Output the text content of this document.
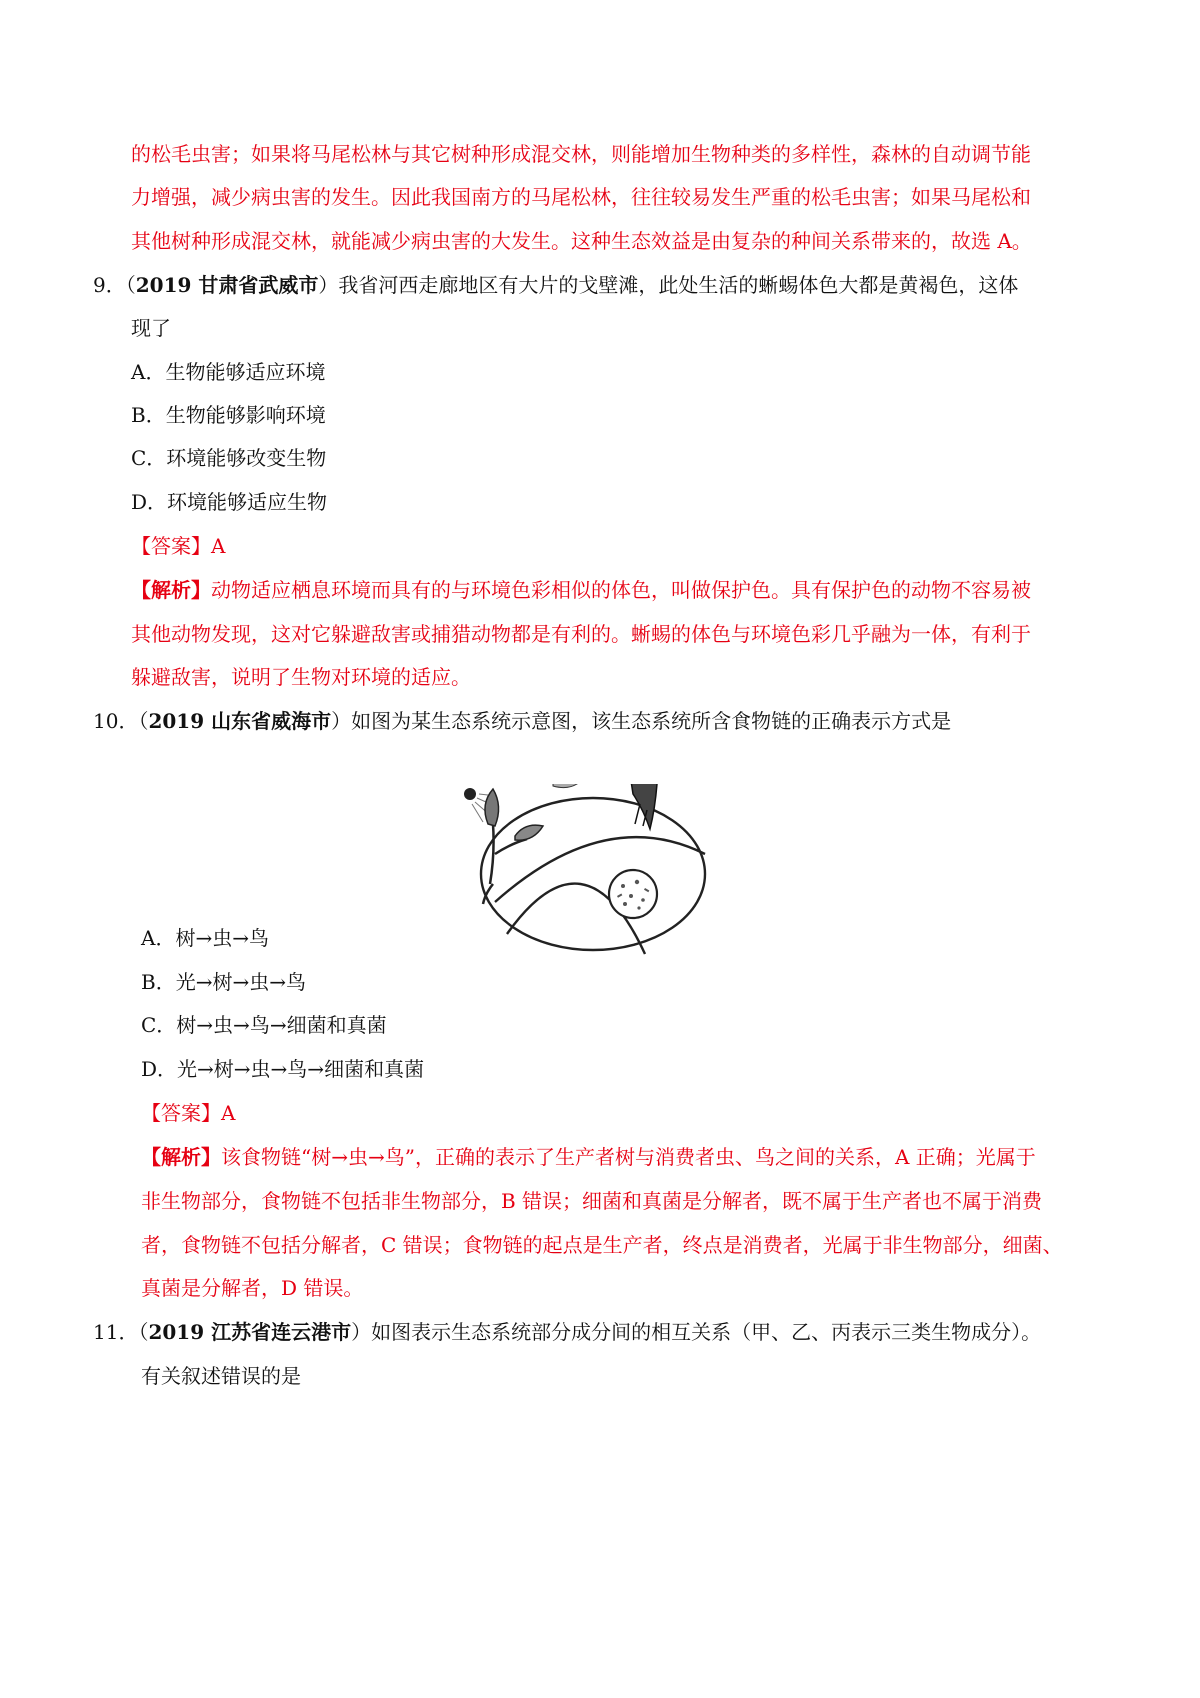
的松毛虫害；如果将马尾松林与其它树种形成混交林，则能增加生物种类的多样性，森林的自动调节能
力增强，减少病虫害的发生。因此我国南方的马尾松林，往往较易发生严重的松毛虫害；如果马尾松和
其他树种形成混交林，就能减少病虫害的大发生。这种生态效益是由复杂的种间关系带来的，故选 A。
9．（2019 甘肃省武威市）我省河西走廊地区有大片的戈壁滩，此处生活的蜥蜴体色大都是黄褐色，这体
现了
A．生物能够适应环境
B．生物能够影响环境
C．环境能够改变生物
D．环境能够适应生物
【答案】A
【解析】动物适应栖息环境而具有的与环境色彩相似的体色，叫做保护色。具有保护色的动物不容易被
其他动物发现，这对它躲避敌害或捕猎动物都是有利的。蜥蜴的体色与环境色彩几乎融为一体，有利于
躲避敌害，说明了生物对环境的适应。
10．（2019 山东省威海市）如图为某生态系统示意图，该生态系统所含食物链的正确表示方式是
A．树→虫→鸟
B．光→树→虫→鸟
C．树→虫→鸟→细菌和真菌
D．光→树→虫→鸟→细菌和真菌
【答案】A
【解析】该食物链“树→虫→鸟”，正确的表示了生产者树与消费者虫、鸟之间的关系，A 正确；光属于
非生物部分，食物链不包括非生物部分，B 错误；细菌和真菌是分解者，既不属于生产者也不属于消费
者，食物链不包括分解者，C 错误；食物链的起点是生产者，终点是消费者，光属于非生物部分，细菌、
真菌是分解者，D 错误。
11．（2019 江苏省连云港市）如图表示生态系统部分成分间的相互关系（甲、乙、丙表示三类生物成分）。
有关叙述错误的是
